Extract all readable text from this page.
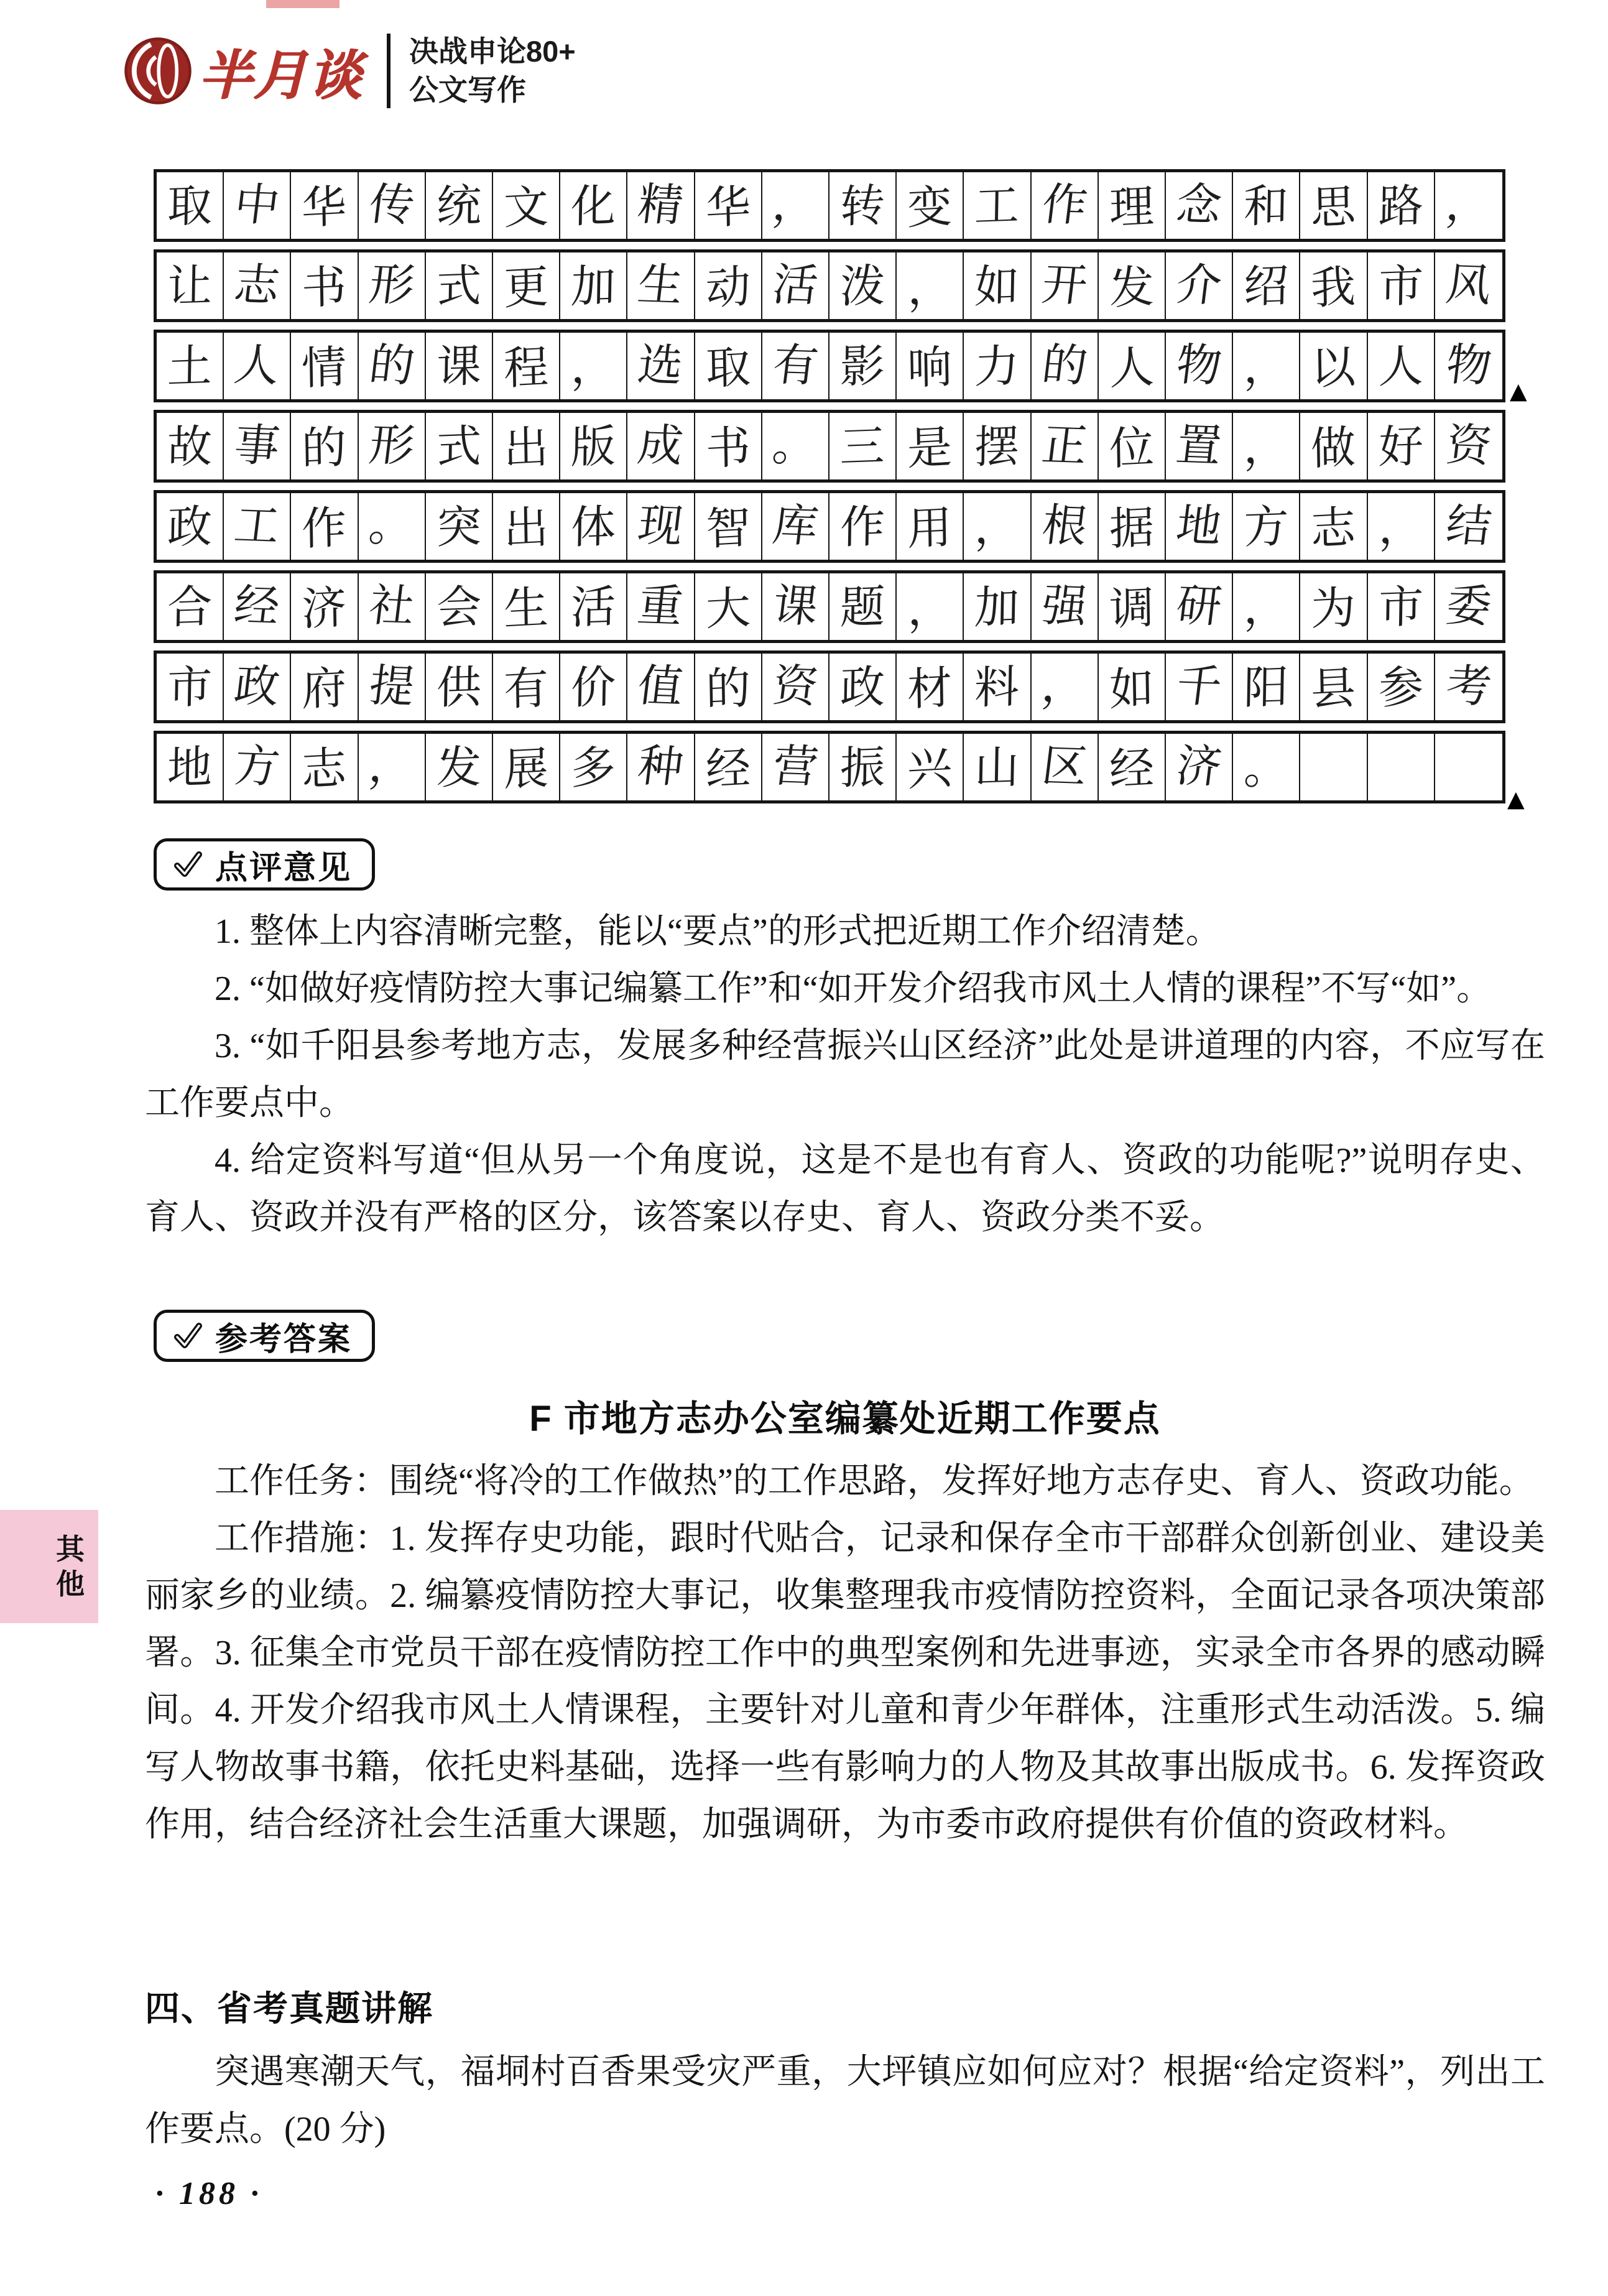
半月谈 决战申论80+
公文写作
取 中 华 传 统 文 化 精 华 ， 转 变 工 作 理 念 和 思 路 ，
让 志 书 形 式 更 加 生 动 活 泼 ， 如 开 发 介 绍 我 市 风
土 人 情 的 课 程 ， 选 取 有 影 响 力 的 人 物 ， 以 人 物
故 事 的 形 式 出 版 成 书 。 三 是 摆 正 位 置 ， 做 好 资
政 工 作 。 突 出 体 现 智 库 作 用 ， 根 据 地 方 志 ， 结
合 经 济 社 会 生 活 重 大 课 题 ， 加 强 调 研 ， 为 市 委
市 政 府 提 供 有 价 值 的 资 政 材 料 ， 如 千 阳 县 参 考
地 方 志 ， 发 展 多 种 经 营 振 兴 山 区 经 济 。
▲
▲
点评意见

1. 整体上内容清晰完整，能以“要点”的形式把近期工作介绍清楚。

2. “如做好疫情防控大事记编纂工作”和“如开发介绍我市风土人情的课程”不写“如”。

3. “如千阳县参考地方志，发展多种经营振兴山区经济”此处是讲道理的内容，不应写在工作要点中。

4. 给定资料写道“但从另一个角度说，这是不是也有育人、资政的功能呢?”说明存史、育人、资政并没有严格的区分，该答案以存史、育人、资政分类不妥。

参考答案
F 市地方志办公室编纂处近期工作要点

工作任务：围绕“将冷的工作做热”的工作思路，发挥好地方志存史、育人、资政功能。

工作措施：1. 发挥存史功能，跟时代贴合，记录和保存全市干部群众创新创业、建设美丽家乡的业绩。2. 编纂疫情防控大事记，收集整理我市疫情防控资料，全面记录各项决策部署。3. 征集全市党员干部在疫情防控工作中的典型案例和先进事迹，实录全市各界的感动瞬间。4. 开发介绍我市风土人情课程，主要针对儿童和青少年群体，注重形式生动活泼。5. 编写人物故事书籍，依托史料基础，选择一些有影响力的人物及其故事出版成书。6. 发挥资政作用，结合经济社会生活重大课题，加强调研，为市委市政府提供有价值的资政材料。

四、省考真题讲解

突遇寒潮天气，福垌村百香果受灾严重，大坪镇应如何应对？根据“给定资料”，列出工作要点。(20 分)

其
他
· 188 ·
